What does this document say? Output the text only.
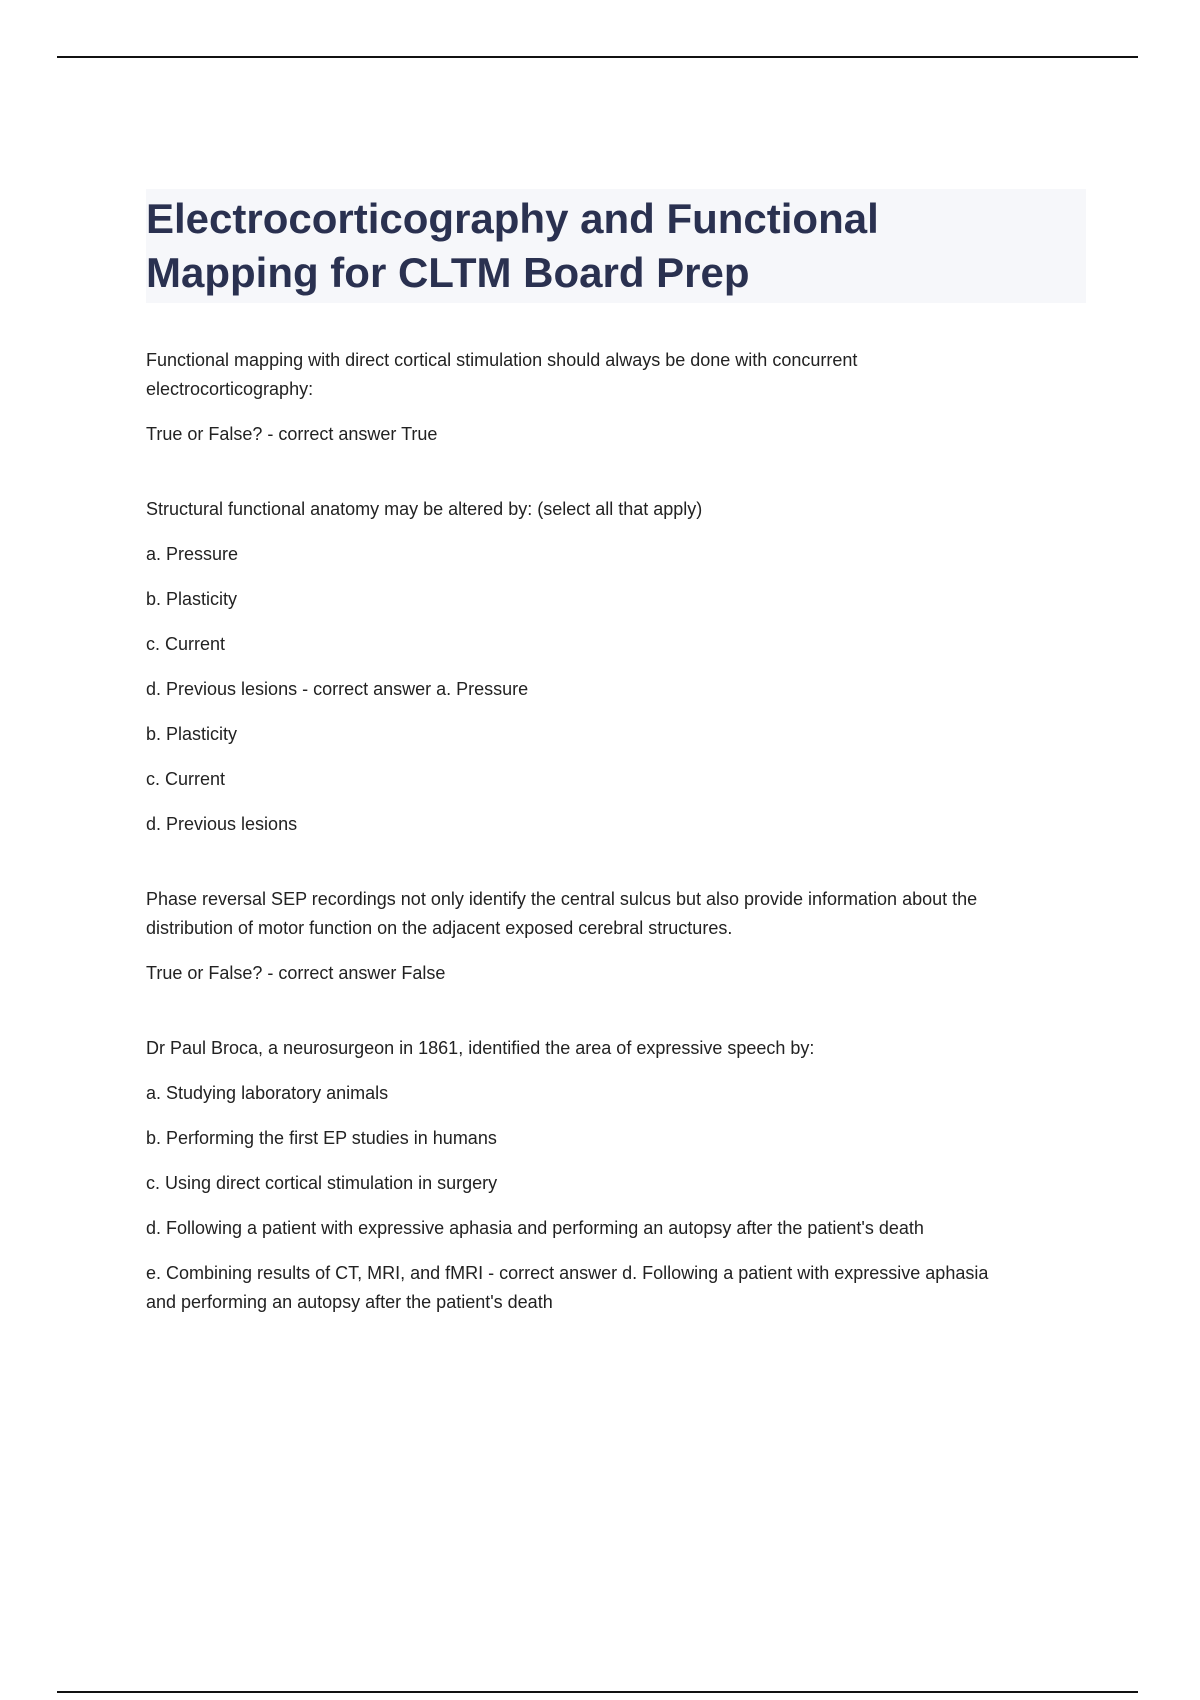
Electrocorticography and Functional
Mapping for CLTM Board Prep

Functional mapping with direct cortical stimulation should always be done with concurrent
electrocorticography:

True or False? - correct answer True

Structural functional anatomy may be altered by: (select all that apply)

a. Pressure

b. Plasticity

c. Current

d. Previous lesions - correct answer a. Pressure

b. Plasticity

c. Current

d. Previous lesions

Phase reversal SEP recordings not only identify the central sulcus but also provide information about the
distribution of motor function on the adjacent exposed cerebral structures.

True or False? - correct answer False

Dr Paul Broca, a neurosurgeon in 1861, identified the area of expressive speech by:

a. Studying laboratory animals

b. Performing the first EP studies in humans

c. Using direct cortical stimulation in surgery

d. Following a patient with expressive aphasia and performing an autopsy after the patient's death

e. Combining results of CT, MRI, and fMRI - correct answer d. Following a patient with expressive aphasia
and performing an autopsy after the patient's death
